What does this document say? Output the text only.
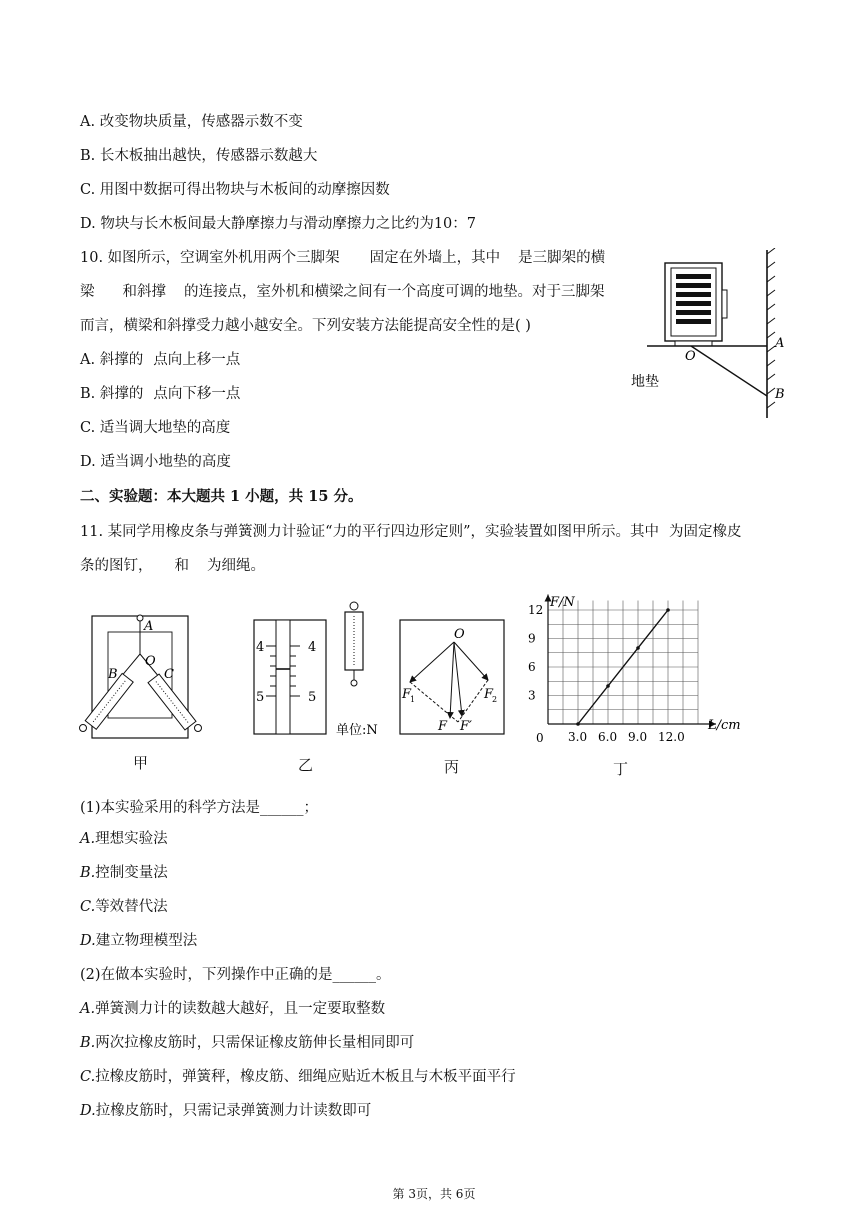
A. 改变物块质量，传感器示数不变
B. 长木板抽出越快，传感器示数越大
C. 用图中数据可得出物块与木板间的动摩擦因数
D. 物块与长木板间最大静摩擦力与滑动摩擦力之比约为10：7
10. 如图所示，空调室外机用两个三脚架 固定在外墙上，其中 是三脚架的横
梁 和斜撑 的连接点，室外机和横梁之间有一个高度可调的地垫。对于三脚架
而言，横梁和斜撑受力越小越安全。下列安装方法能提高安全性的是( )
A. 斜撑的 点向上移一点
B. 斜撑的 点向下移一点
C. 适当调大地垫的高度
D. 适当调小地垫的高度
O
A
B
地垫
二、实验题：本大题共 1 小题，共 15 分。
11. 某同学用橡皮条与弹簧测力计验证“力的平行四边形定则”，实验装置如图甲所示。其中 为固定橡皮
条的图钉， 和 为细绳。
A
O
B	C
甲
4
5
4
5
单位:N
乙
O
F
1	F
2
F F′
丙
3.0 6.0 9.0 12.0
3
6
9
12 F/N
L/cm
0
丁
(1)本实验采用的科学方法是______；
A.理想实验法
B.控制变量法
C.等效替代法
D.建立物理模型法
(2)在做本实验时，下列操作中正确的是______。
A.弹簧测力计的读数越大越好，且一定要取整数
B.两次拉橡皮筋时，只需保证橡皮筋伸长量相同即可
C.拉橡皮筋时，弹簧秤，橡皮筋、细绳应贴近木板且与木板平面平行
D.拉橡皮筋时，只需记录弹簧测力计读数即可
第 3页，共 6页
